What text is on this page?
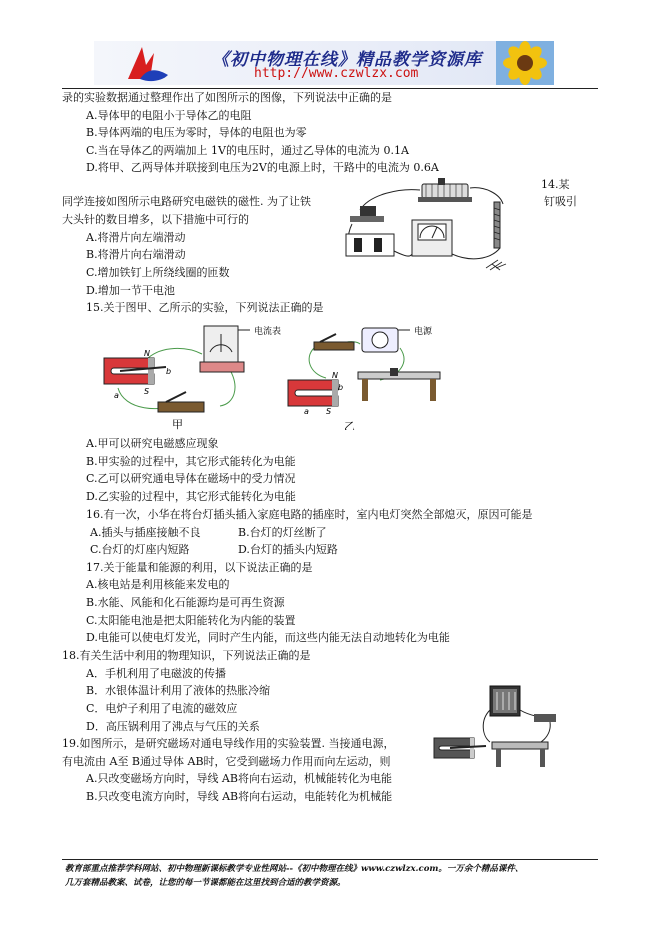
《初中物理在线》精品教学资源库
http://www.czwlzx.com
录的实验数据通过整理作出了如图所示的图像，下列说法中正确的是
A.导体甲的电阻小于导体乙的电阻
B.导体两端的电压为零时，导体的电阻也为零
C.当在导体乙的两端加上 1V的电压时，通过乙导体的电流为 0.1A
D.将甲、乙两导体并联接到电压为2V的电源上时，干路中的电流为 0.6A
14.某
同学连接如图所示电路研究电磁铁的磁性. 为了让铁	钉吸引
大头针的数目增多，以下措施中可行的
A.将滑片向左端滑动
B.将滑片向右端滑动
C.增加铁钉上所绕线圈的匝数
D.增加一节干电池
15.关于图甲、乙所示的实验，下列说法正确的是
电流表
N
b
a	S
甲
电源
N
b
a S
乙
A.甲可以研究电磁感应现象
B.甲实验的过程中，其它形式能转化为电能
C.乙可以研究通电导体在磁场中的受力情况
D.乙实验的过程中，其它形式能转化为电能
16.有一次，小华在将台灯插头插入家庭电路的插座时，室内电灯突然全部熄灭，原因可能是
A.插头与插座接触不良	B.台灯的灯丝断了
C.台灯的灯座内短路	D.台灯的插头内短路
17.关于能量和能源的利用，以下说法正确的是
A.核电站是利用核能来发电的
B.水能、风能和化石能源均是可再生资源
C.太阳能电池是把太阳能转化为内能的装置
D.电能可以使电灯发光，同时产生内能，而这些内能无法自动地转化为电能
18.有关生活中利用的物理知识，下列说法正确的是
A．手机利用了电磁波的传播
B．水银体温计利用了液体的热胀冷缩
C．电炉子利用了电流的磁效应
D．高压锅利用了沸点与气压的关系
19.如图所示，是研究磁场对通电导线作用的实验装置. 当接通电源，
有电流由 A至 B通过导体 AB时，它受到磁场力作用而向左运动，则
A.只改变磁场方向时，导线 AB将向右运动，机械能转化为电能
B.只改变电流方向时，导线 AB将向右运动，电能转化为机械能
教育部重点推荐学科网站、初中物理新课标教学专业性网站--《初中物理在线》www.czwlzx.com。一万余个精品课件、
几万套精品教案、试卷，让您的每一节课都能在这里找到合适的教学资源。
